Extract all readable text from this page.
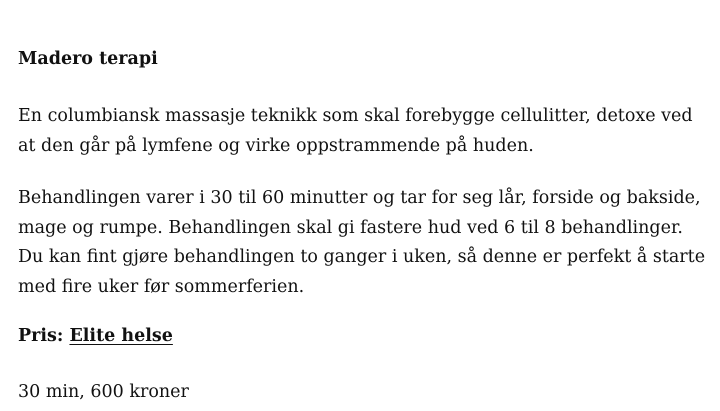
Madero terapi

En columbiansk massasje teknikk som skal forebygge cellulitter, detoxe ved at den går på lymfene og virke oppstrammende på huden.

Behandlingen varer i 30 til 60 minutter og tar for seg lår, forside og bakside, mage og rumpe. Behandlingen skal gi fastere hud ved 6 til 8 behandlinger. Du kan fint gjøre behandlingen to ganger i uken, så denne er perfekt å starte med fire uker før sommerferien.

Pris: Elite helse

30 min, 600 kroner
